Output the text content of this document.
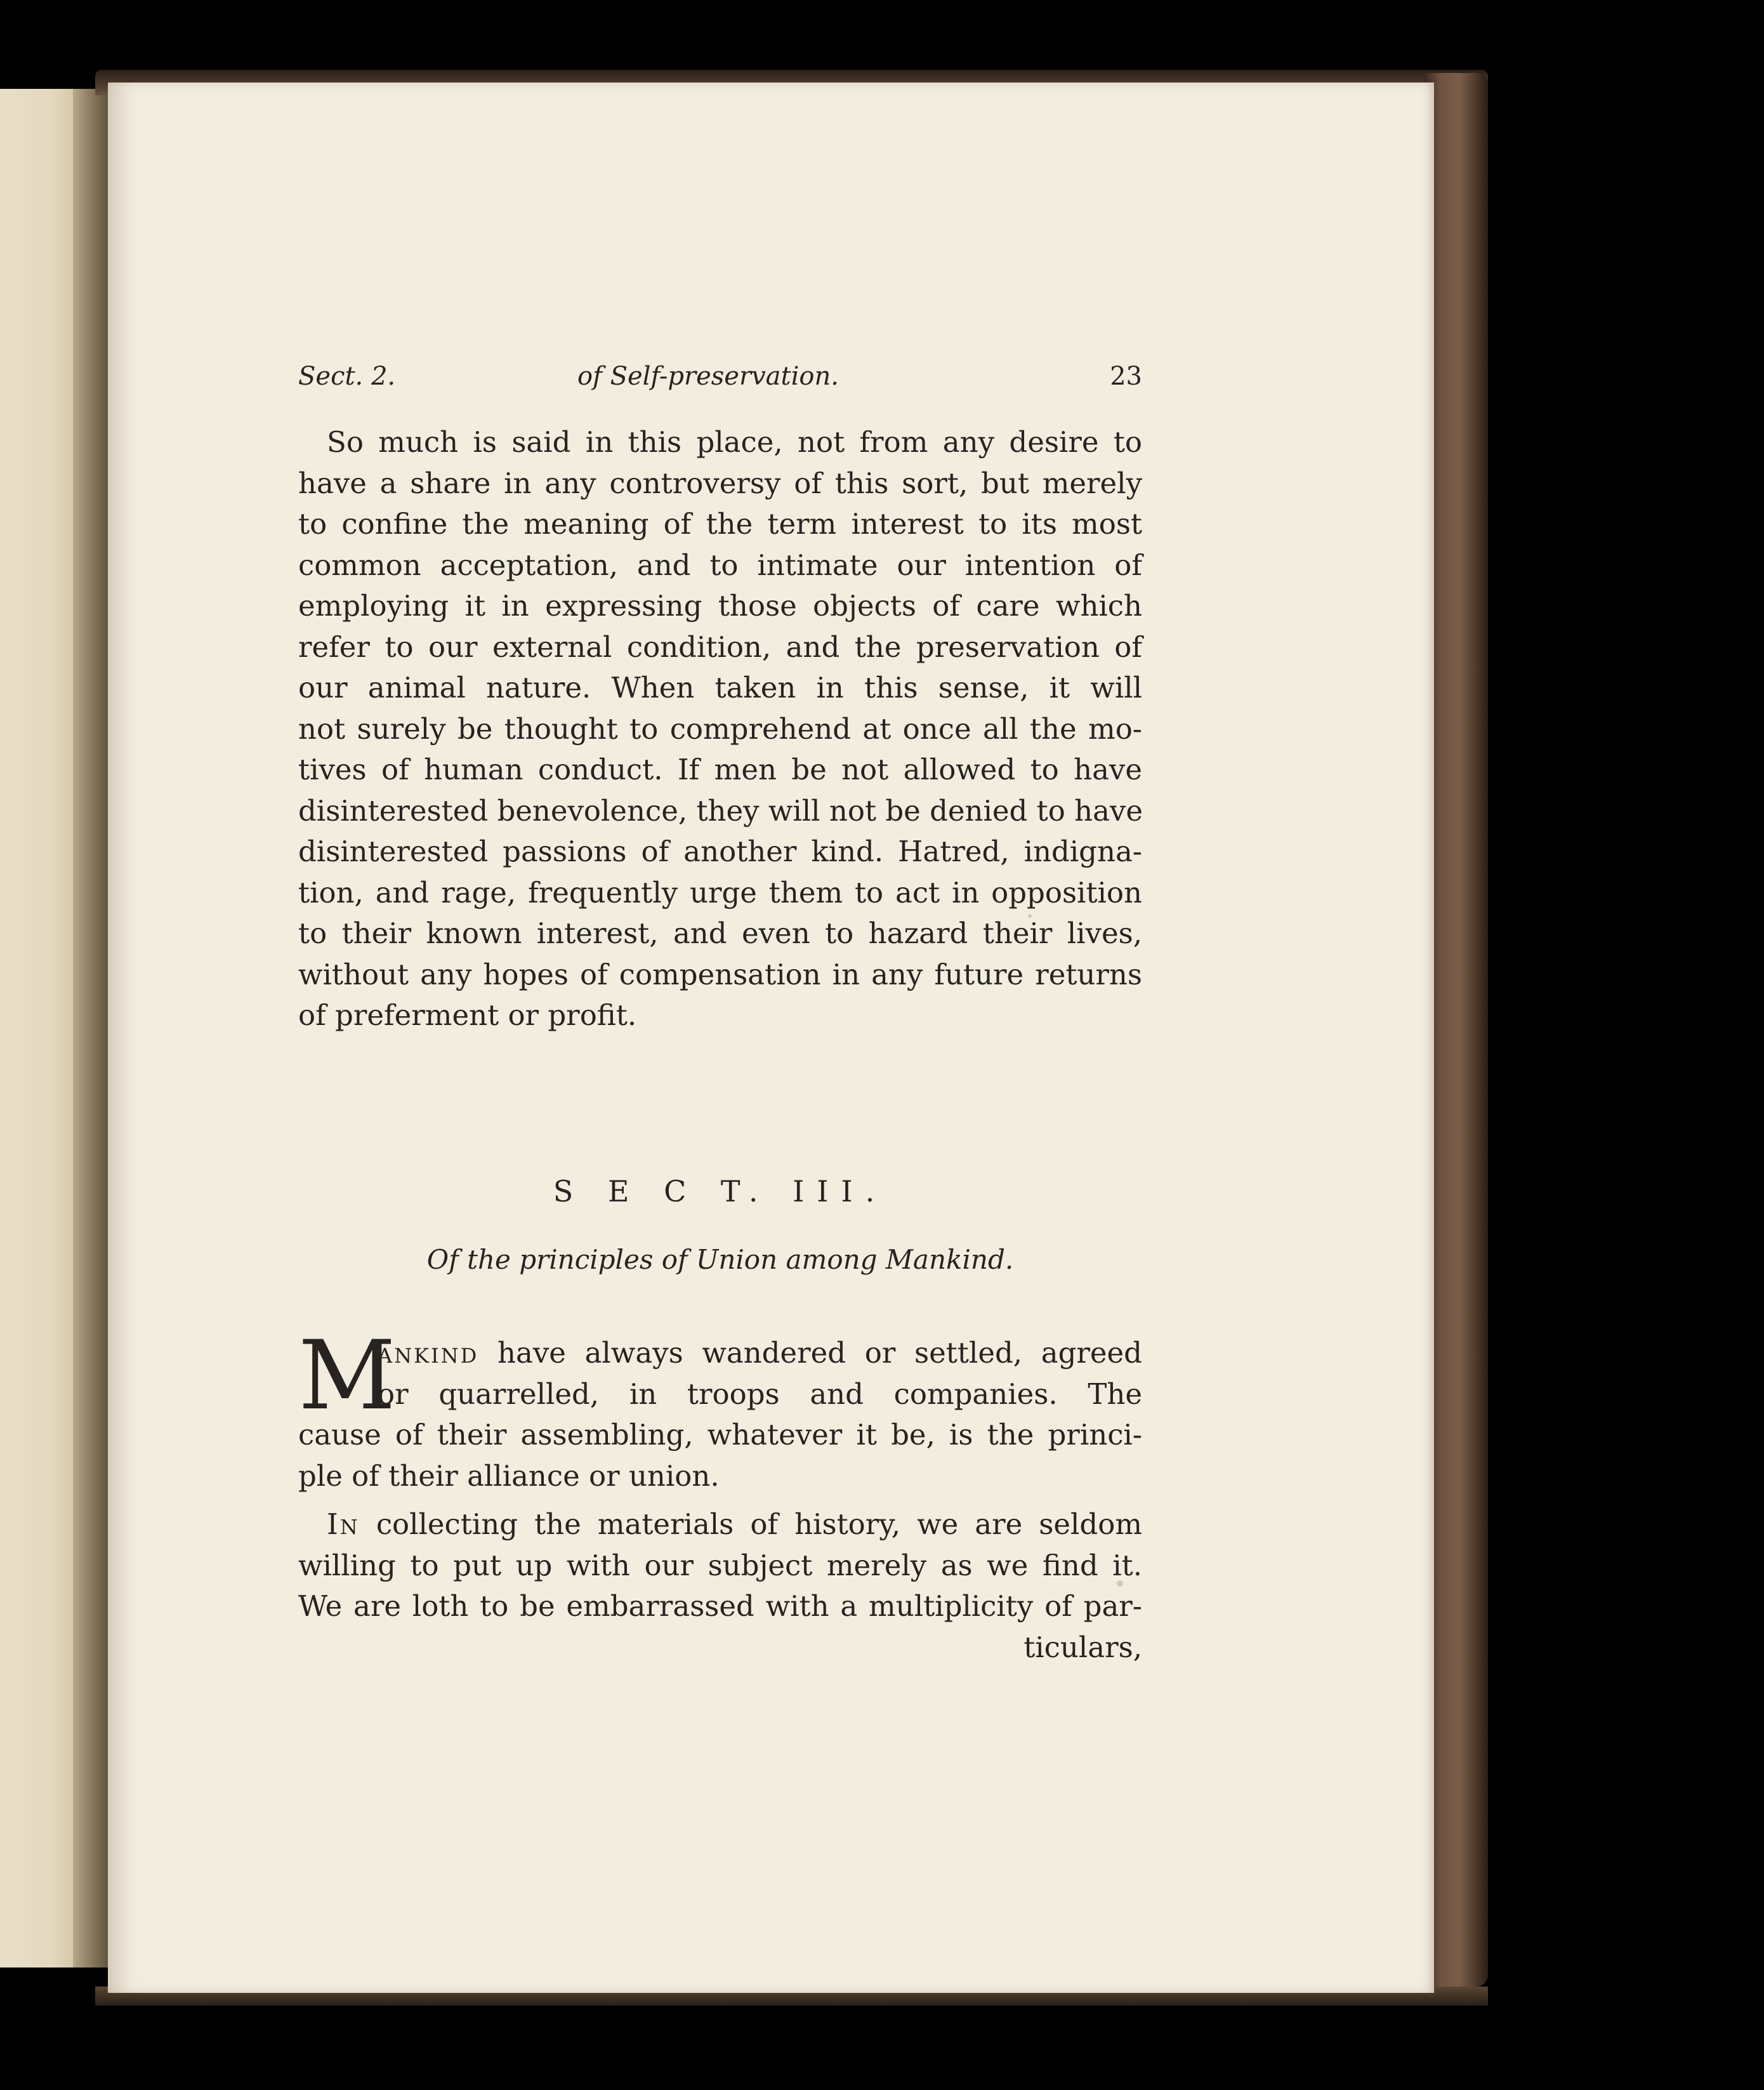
Sect. 2.	of Self-preservation.	23
So much is said in this place, not from any desire to
have a share in any controversy of this sort, but merely
to confine the meaning of the term interest to its most
common acceptation, and to intimate our intention of
employing it in expressing those objects of care which
refer to our external condition, and the preservation of
our animal nature. When taken in this sense, it will
not surely be thought to comprehend at once all the mo-
tives of human conduct. If men be not allowed to have
disinterested benevolence, they will not be denied to have
disinterested passions of another kind. Hatred, indigna-
tion, and rage, frequently urge them to act in opposition
to their known interest, and even to hazard their lives,
without any hopes of compensation in any future returns
of preferment or profit.
S E C T. III.
Of the principles of Union among Mankind.
M
ankind have always wandered or settled, agreed
or quarrelled, in troops and companies. The
cause of their assembling, whatever it be, is the princi-
ple of their alliance or union.
In collecting the materials of history, we are seldom
willing to put up with our subject merely as we find it.
We are loth to be embarrassed with a multiplicity of par-
ticulars,
